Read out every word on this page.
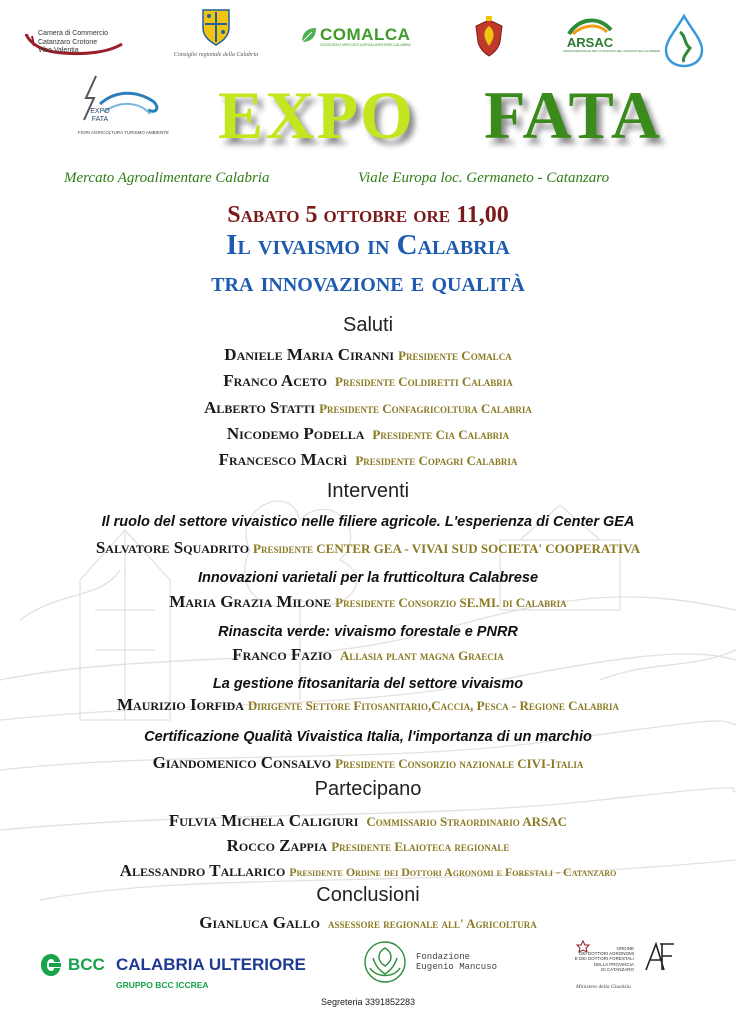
Camera di Commercio
Catanzaro Crotone
Vibo Valentia
Consiglio regionale della Calabria
COMALCA
CONSORZIO MERCATO AGROALIMENTARE CALABRIA	ARSAC
AZIENDA REGIONALE PER LO SVILUPPO DELL'AGRICOLTURA CALABRESE
EXPO
FATA
FIORI AGRICOLTURA TURISMO AMBIENTE EXPO FATA
Mercato Agroalimentare Calabria	Viale Europa loc. Germaneto - Catanzaro
Sabato 5 ottobre ore 11,00
Il vivaismo in Calabria
tra innovazione e qualità
Saluti
Daniele Maria Ciranni Presidente Comalca
Franco Aceto Presidente Coldiretti Calabria
Alberto Statti Presidente Confagricoltura Calabria
Nicodemo Podella Presidente Cia Calabria
Francesco Macrì Presidente Copagri Calabria
Interventi
Il ruolo del settore vivaistico nelle filiere agricole. L'esperienza di Center GEA
Salvatore Squadrito Presidente CENTER GEA - VIVAI SUD SOCIETA' COOPERATIVA
Innovazioni varietali per la frutticoltura Calabrese
Maria Grazia Milone Presidente Consorzio SE.MI. di Calabria
Rinascita verde: vivaismo forestale e PNRR
Franco Fazio Allasia plant magna Graecia
La gestione fitosanitaria del settore vivaismo
Maurizio Iorfida Dirigente Settore Fitosanitario,Caccia, Pesca - Regione Calabria
Certificazione Qualità Vivaistica Italia, l'importanza di un marchio
Giandomenico Consalvo Presidente Consorzio nazionale CIVI-Italia
Partecipano
Fulvia Michela Caligiuri Commissario Straordinario ARSAC
Rocco Zappia Presidente Elaioteca regionale
Alessandro Tallarico Presidente Ordine dei Dottori Agronomi e Forestali - Catanzaro
Conclusioni
Gianluca Gallo assessore regionale all' Agricoltura
BCC CALABRIA ULTERIORE
GRUPPO BCC ICCREA
Fondazione
Eugenio Mancuso
ORDINE
DEI DOTTORI AGRONOMI
E DEI DOTTORI FORESTALI
DELLA PROVINCIA
DI CATANZARO
Ministero della Giustizia
Segreteria 3391852283
